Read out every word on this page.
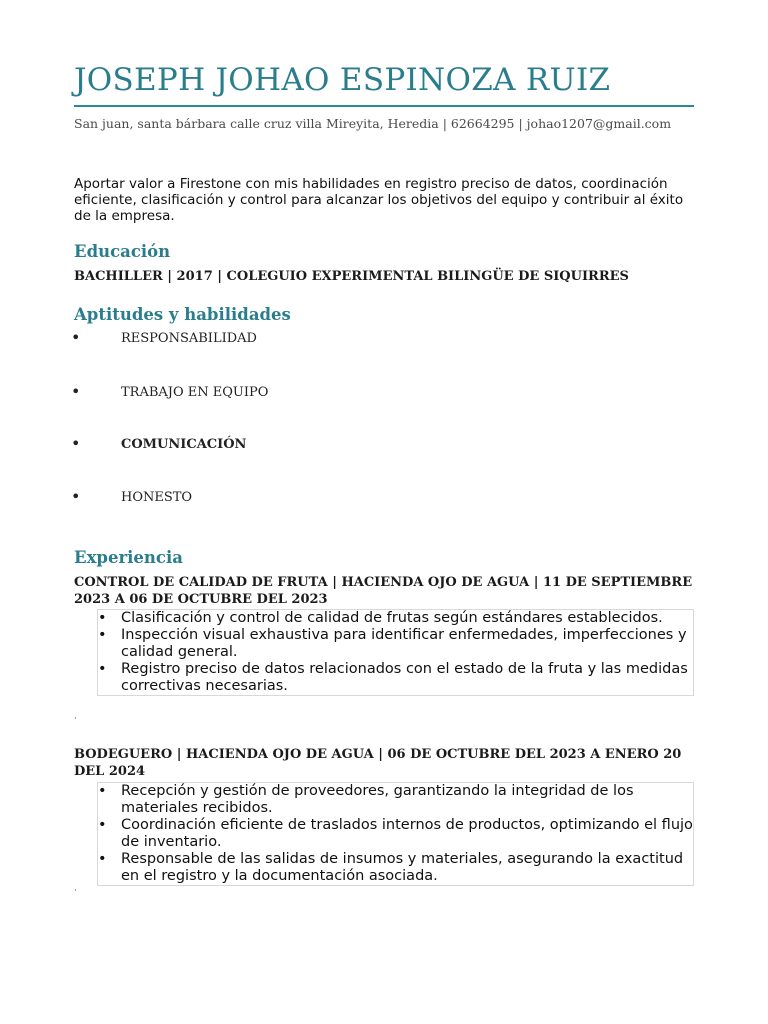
JOSEPH JOHAO ESPINOZA RUIZ
San juan, santa bárbara calle cruz villa Mireyita, Heredia | 62664295 | johao1207@gmail.com

Aportar valor a Firestone con mis habilidades en registro preciso de datos, coordinación eficiente, clasificación y control para alcanzar los objetivos del equipo y contribuir al éxito de la empresa.

Educación
BACHILLER | 2017 | COLEGUIO EXPERIMENTAL BILINGÜE DE SIQUIRRES
Aptitudes y habilidades
•	RESPONSABILIDAD
•	TRABAJO EN EQUIPO
•	COMUNICACIÓN
•	HONESTO
Experiencia
CONTROL DE CALIDAD DE FRUTA | HACIENDA OJO DE AGUA | 11 DE SEPTIEMBRE 2023 A 06 DE OCTUBRE DEL 2023
• Clasificación y control de calidad de frutas según estándares establecidos.
• Inspección visual exhaustiva para identificar enfermedades, imperfecciones y calidad general.
• Registro preciso de datos relacionados con el estado de la fruta y las medidas correctivas necesarias.
·
BODEGUERO | HACIENDA OJO DE AGUA | 06 DE OCTUBRE DEL 2023 A ENERO 20 DEL 2024
• Recepción y gestión de proveedores, garantizando la integridad de los materiales recibidos.
• Coordinación eficiente de traslados internos de productos, optimizando el flujo de inventario.
• Responsable de las salidas de insumos y materiales, asegurando la exactitud en el registro y la documentación asociada.
·
